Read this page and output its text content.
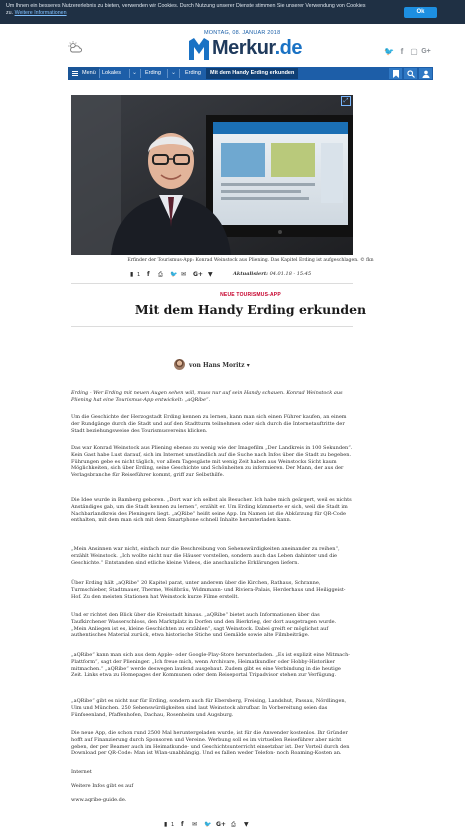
Um Ihnen ein besseres Nutzererlebnis zu bieten, verwenden wir Cookies. Durch Nutzung unserer Dienste stimmen Sie unserer Verwendung von Cookies zu. Weitere Informationen	Ok
MONTAG, 08. JANUAR 2018
Merkur.de	🐦 f ▢ G+
Menü Lokales ⌄ Erding ⌄ Erding	Mit dem Handy Erding erkunden
⤢
Erfinder der Tourismus-App: Konrad Weinstock aus Pliening. Das Kapitel Erding ist aufgeschlagen. © fkn
▮ 1 f ⎙ 🐦 ✉ G+ ▼	Aktualisiert: 04.01.18 - 15:45
NEUE TOURISMUS-APP
Mit dem Handy Erding erkunden
von Hans Moritz ▾
Erding - Wer Erding mit neuen Augen sehen will, muss nur auf sein Handy schauen. Konrad Weinstock aus Pliening hat eine Tourismus-App entwickelt: „aQRibe“.
Um die Geschichte der Herzogstadt Erding kennen zu lernen, kann man sich einen Führer kaufen, an einem der Rundgänge durch die Stadt und auf den Stadtturm teilnehmen oder sich durch die Internetauftritte der Stadt beziehungsweise des Tourismusvereins klicken.
Das war Konrad Weinstock aus Pliening ebenso zu wenig wie der Imagefilm „Der Landkreis in 100 Sekunden“. Kein Gast habe Lust darauf, sich im Internet umständlich auf die Suche nach Infos über die Stadt zu begeben. Führungen gebe es nicht täglich, vor allem Tagesgäste mit wenig Zeit haben aus Weinstocks Sicht kaum Möglichkeiten, sich über Erding, seine Geschichte und Schönheiten zu informieren. Der Mann, der aus der Verlagsbranche für Reiseführer kommt, griff zur Selbsthilfe.
Die Idee wurde in Bamberg geboren. „Dort war ich selbst als Besucher. Ich habe mich geärgert, weil es nichts Anständiges gab, um die Stadt kennen zu lernen“, erzählt er. Um Erding kümmerte er sich, weil die Stadt im Nachbarlandkreis des Pleningers liegt. „aQRibe“ heißt seine App. Im Namen ist die Abkürzung für QR-Code enthalten, mit dem man sich mit dem Smartphone schnell Inhalte herunterladen kann.
„Mein Ansinnen war nicht, einfach nur die Beschreibung von Sehenswürdigkeiten aneinander zu reihen“, erzählt Weinstock. „Ich wollte nicht nur die Häuser vorstellen, sondern auch das Leben dahinter und die Geschichte.“ Entstanden sind etliche kleine Videos, die anschauliche Erklärungen liefern.
Über Erding hält „aQRibe“ 20 Kapitel parat, unter anderem über die Kirchen, Rathaus, Schranne, Turmschieber, Stadtmauer, Therme, Weißbräu, Widmmann- und Riviera-Palais, Herderhaus und Heiliggeist-Hof. Zu den meisten Stationen hat Weinstock kurze Filme erstellt.
Und er richtet den Blick über die Kreisstadt hinaus. „aQRibe“ bietet auch Informationen über das Taufkirchener Wasserschloss, den Marktplatz in Dorfen und den Bierkrieg, der dort ausgetragen wurde. „Mein Anliegen ist es, kleine Geschichten zu erzählen“, sagt Weinstock. Dabei greift er möglichst auf authentisches Material zurück, etwa historische Stiche und Gemälde sowie alte Filmbeiträge.
„aQRibe“ kann man sich aus dem Apple- oder Google-Play-Store herunterladen. „Es ist explizit eine Mitmach-Plattform“, sagt der Plieninger. „Ich freue mich, wenn Archivare, Heimatkundler oder Hobby-Historiker mitmachen.“ „aQRibe“ werde deswegen laufend ausgebaut. Zudem gibt es eine Verbindung in die heutige Zeit. Links etwa zu Homepages der Kommunen oder dem Reiseportal Tripadvisor stehen zur Verfügung.
„aQRibe“ gibt es nicht nur für Erding, sondern auch für Ebersberg, Freising, Landshut, Passau, Nördlingen, Ulm und München. 250 Sehenswürdigkeiten sind laut Weinstock abrufbar. In Vorbereitung seien das Fünfseenland, Pfaffenhofen, Dachau, Rosenheim und Augsburg.
Die neue App, die schon rund 2500 Mal heruntergeladen wurde, ist für die Anwender kostenlos. Ihr Gründer hofft auf Finanzierung durch Sponsoren und Vereine. Werbung soll es im virtuellen Reiseführer aber nicht geben, der per Beamer auch im Heimatkunde- und Geschichtsunterricht einsetzbar ist. Der Vorteil durch den Download per QR-Code: Man ist Wlan-unabhängig. Und es fallen weder Telefon- noch Roaming-Kosten an.
Internet
Weitere Infos gibt es auf
www.aqribe-guide.de.
▮ 1 f ✉ 🐦 G+ ⎙ ▼
